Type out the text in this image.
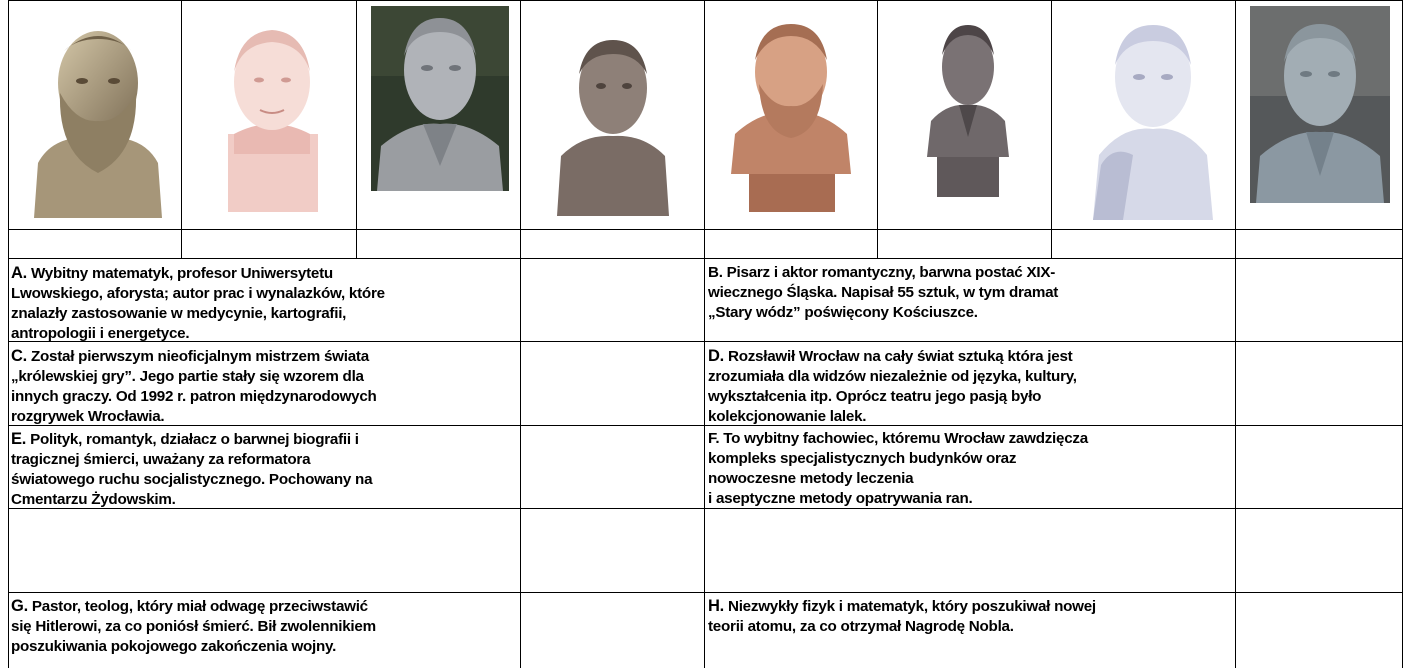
A. Wybitny matematyk, profesor Uniwersytetu
Lwowskiego, aforysta; autor prac i wynalazków, które
znalazły zastosowanie w medycynie, kartografii,
antropologii i energetyce.
B. Pisarz i aktor romantyczny, barwna postać XIX-
wiecznego Śląska. Napisał 55 sztuk, w tym dramat
„Stary wódz” poświęcony Kościuszce.
C. Został pierwszym nieoficjalnym mistrzem świata
„królewskiej gry”. Jego partie stały się wzorem dla
innych graczy. Od 1992 r. patron międzynarodowych
rozgrywek Wrocławia.
D. Rozsławił Wrocław na cały świat sztuką która jest
zrozumiała dla widzów niezależnie od języka, kultury,
wykształcenia itp. Oprócz teatru jego pasją było
kolekcjonowanie lalek.
E. Polityk, romantyk, działacz o barwnej biografii i
tragicznej śmierci, uważany za reformatora
światowego ruchu socjalistycznego. Pochowany na
Cmentarzu Żydowskim.
F. To wybitny fachowiec, któremu Wrocław zawdzięcza
kompleks specjalistycznych budynków oraz
nowoczesne metody leczenia
i aseptyczne metody opatrywania ran.
G. Pastor, teolog, który miał odwagę przeciwstawić
się Hitlerowi, za co poniósł śmierć. Bił zwolennikiem
poszukiwania pokojowego zakończenia wojny.
H. Niezwykły fizyk i matematyk, który poszukiwał nowej
teorii atomu, za co otrzymał Nagrodę Nobla.
